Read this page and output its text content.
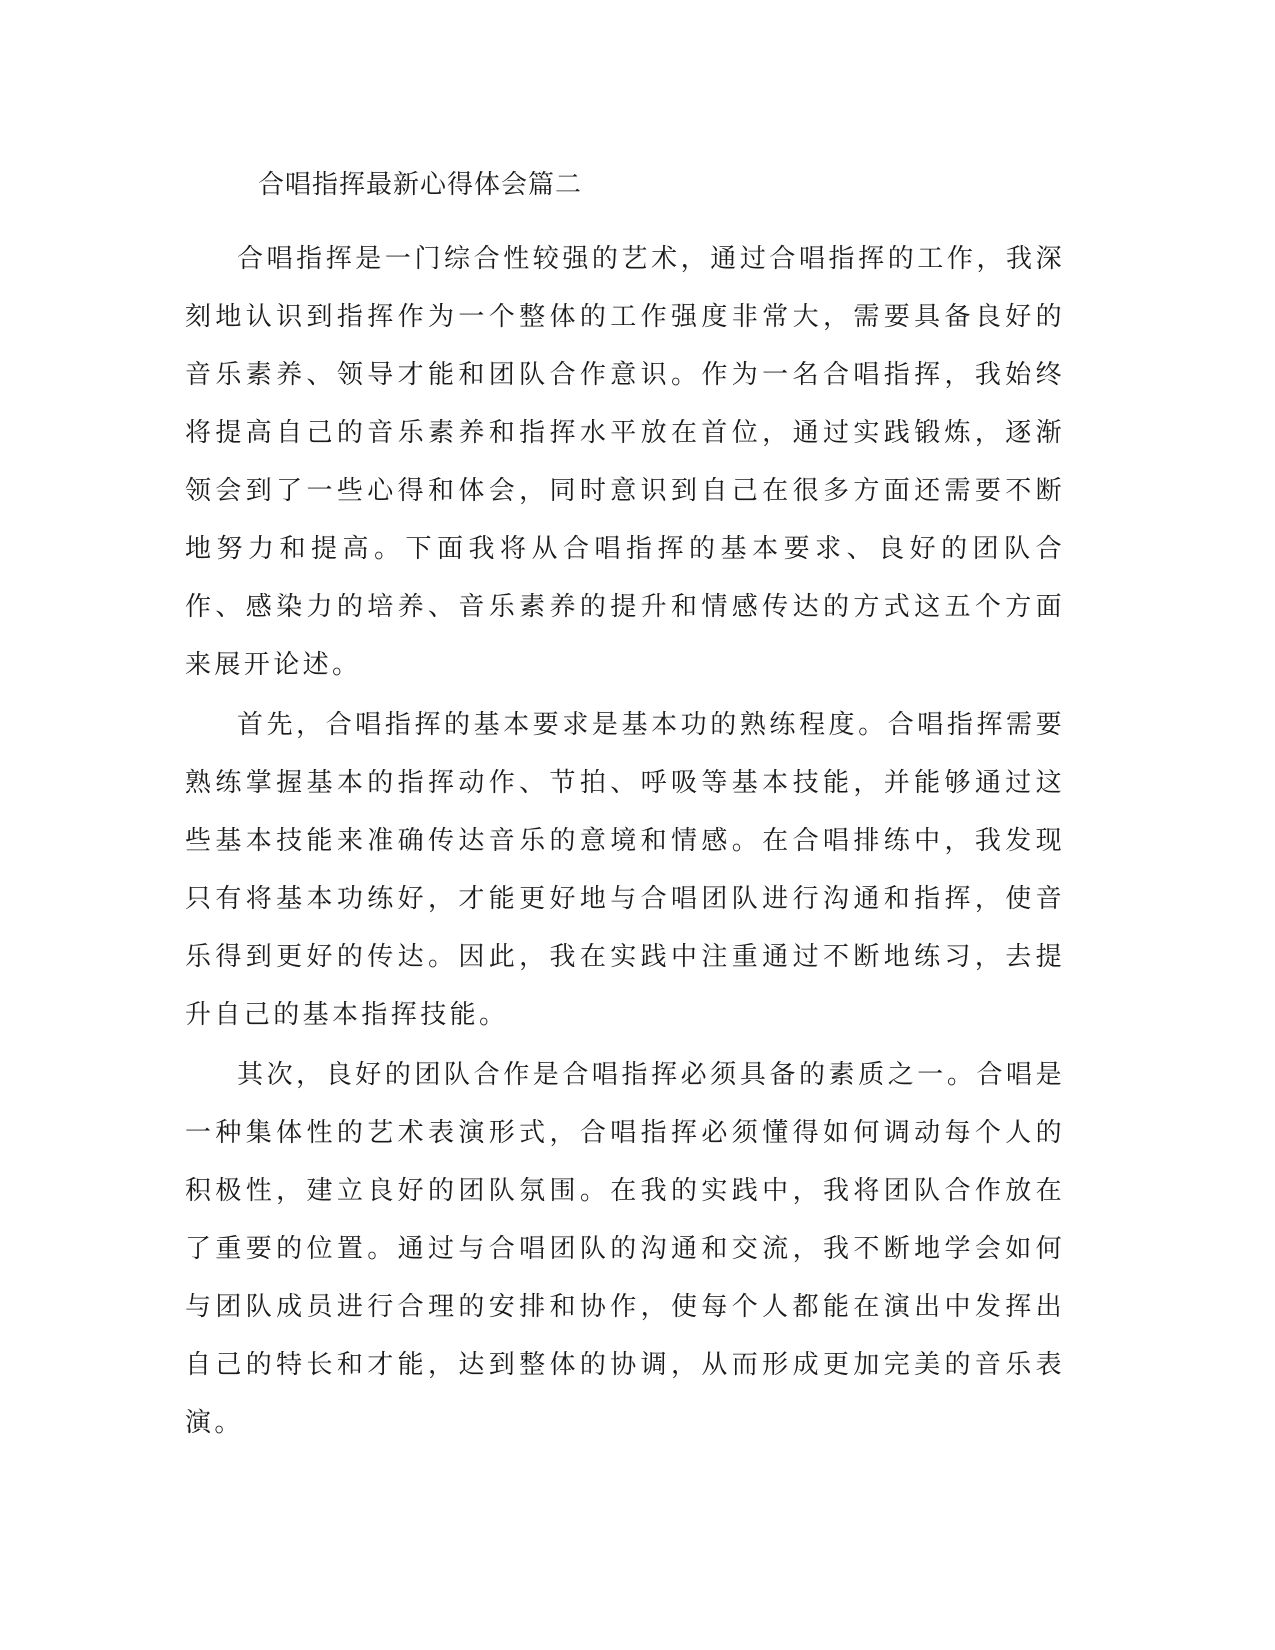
合唱指挥最新心得体会篇二

合唱指挥是一门综合性较强的艺术，通过合唱指挥的工作，我深刻地认识到指挥作为一个整体的工作强度非常大，需要具备良好的音乐素养、领导才能和团队合作意识。作为一名合唱指挥，我始终将提高自己的音乐素养和指挥水平放在首位，通过实践锻炼，逐渐领会到了一些心得和体会，同时意识到自己在很多方面还需要不断地努力和提高。下面我将从合唱指挥的基本要求、良好的团队合作、感染力的培养、音乐素养的提升和情感传达的方式这五个方面来展开论述。

首先，合唱指挥的基本要求是基本功的熟练程度。合唱指挥需要熟练掌握基本的指挥动作、节拍、呼吸等基本技能，并能够通过这些基本技能来准确传达音乐的意境和情感。在合唱排练中，我发现只有将基本功练好，才能更好地与合唱团队进行沟通和指挥，使音乐得到更好的传达。因此，我在实践中注重通过不断地练习，去提升自己的基本指挥技能。

其次，良好的团队合作是合唱指挥必须具备的素质之一。合唱是一种集体性的艺术表演形式，合唱指挥必须懂得如何调动每个人的积极性，建立良好的团队氛围。在我的实践中，我将团队合作放在了重要的位置。通过与合唱团队的沟通和交流，我不断地学会如何与团队成员进行合理的安排和协作，使每个人都能在演出中发挥出自己的特长和才能，达到整体的协调，从而形成更加完美的音乐表演。
